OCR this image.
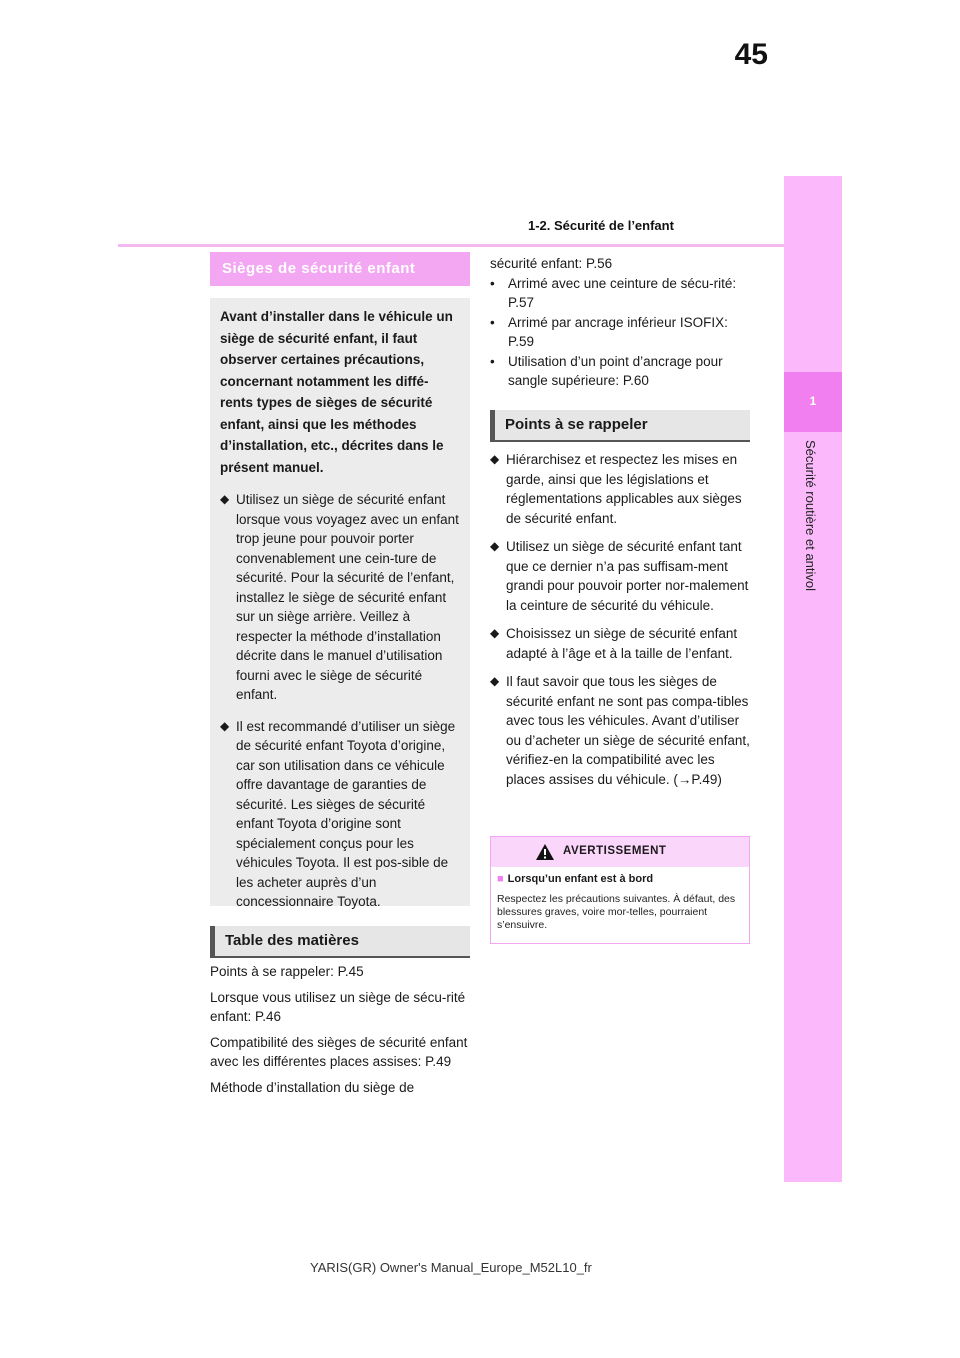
45
1-2. Sécurité de l’enfant
1
Sécurité routière et antivol
Sièges de sécurité enfant
Avant d’installer dans le véhicule un siège de sécurité enfant, il faut observer certaines précautions, concernant notamment les diffé-rents types de sièges de sécurité enfant, ainsi que les méthodes d’installation, etc., décrites dans le présent manuel.
◆ Utilisez un siège de sécurité enfant lorsque vous voyagez avec un enfant trop jeune pour pouvoir porter convenablement une cein-ture de sécurité. Pour la sécurité de l’enfant, installez le siège de sécurité enfant sur un siège arrière. Veillez à respecter la méthode d’installation décrite dans le manuel d’utilisation fourni avec le siège de sécurité enfant.
◆ Il est recommandé d’utiliser un siège de sécurité enfant Toyota d’origine, car son utilisation dans ce véhicule offre davantage de garanties de sécurité. Les sièges de sécurité enfant Toyota d’origine sont spécialement conçus pour les véhicules Toyota. Il est pos-sible de les acheter auprès d’un concessionnaire Toyota.
Table des matières

Points à se rappeler: P.45

Lorsque vous utilisez un siège de sécu-rité enfant: P.46

Compatibilité des sièges de sécurité enfant avec les différentes places assises: P.49

Méthode d’installation du siège de

sécurité enfant: P.56

• Arrimé avec une ceinture de sécu-rité: P.57
• Arrimé par ancrage inférieur ISOFIX: P.59
• Utilisation d’un point d’ancrage pour sangle supérieure: P.60
Points à se rappeler
◆ Hiérarchisez et respectez les mises en garde, ainsi que les législations et réglementations applicables aux sièges de sécurité enfant.
◆ Utilisez un siège de sécurité enfant tant que ce dernier n’a pas suffisam-ment grandi pour pouvoir porter nor-malement la ceinture de sécurité du véhicule.
◆ Choisissez un siège de sécurité enfant adapté à l’âge et à la taille de l’enfant.
◆ Il faut savoir que tous les sièges de sécurité enfant ne sont pas compa-tibles avec tous les véhicules. Avant d’utiliser ou d’acheter un siège de sécurité enfant, vérifiez-en la compatibilité avec les places assises du véhicule. (→P.49)
AVERTISSEMENT
■ Lorsqu’un enfant est à bord
Respectez les précautions suivantes. À défaut, des blessures graves, voire mor-telles, pourraient s’ensuivre.
YARIS(GR) Owner's Manual_Europe_M52L10_fr
